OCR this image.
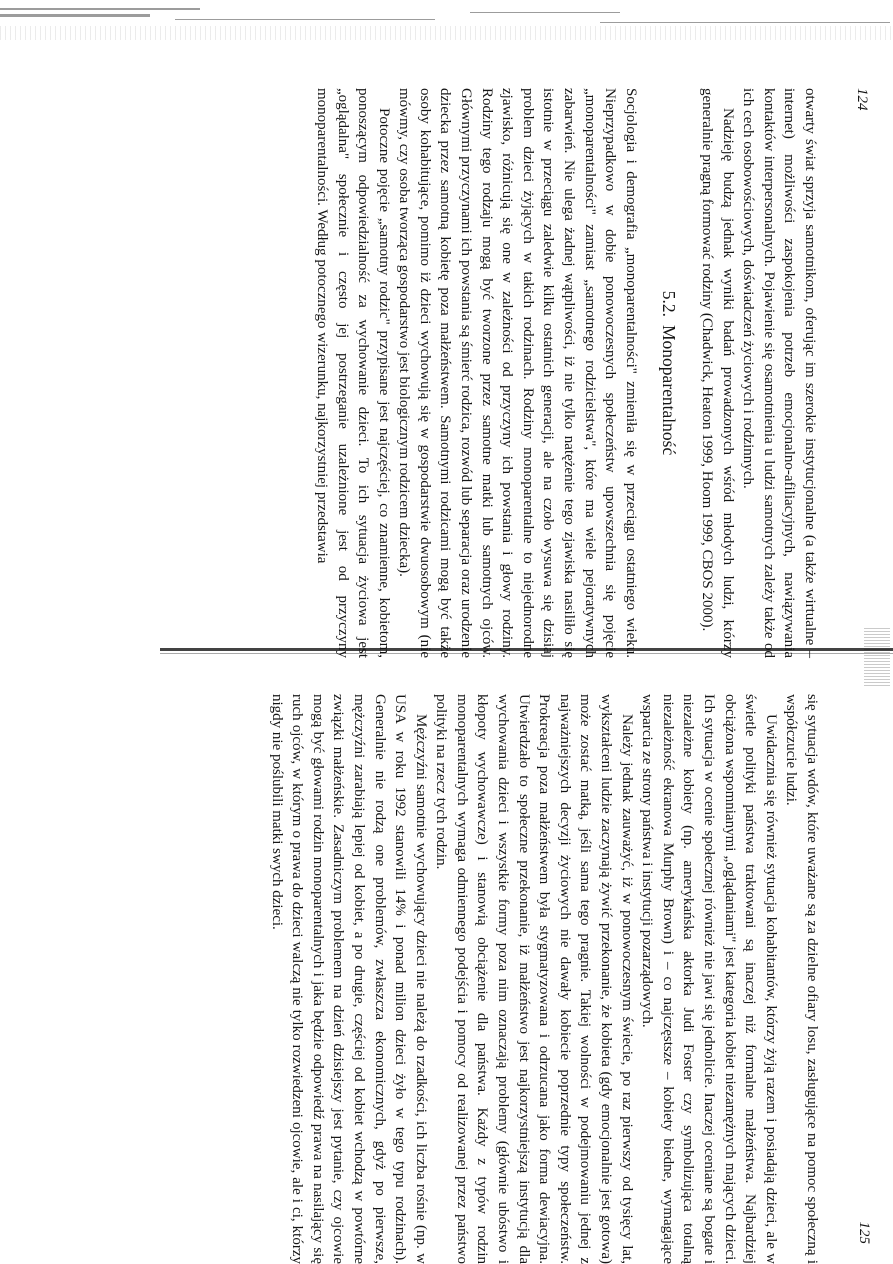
124

otwarty świat sprzyja samotnikom, oferując im szerokie instytucjonalne (a także wirtualne – internet) możliwości zaspokojenia potrzeb emocjonalno-afiliacyjnych, nawiązywania kontaktów interpersonalnych. Pojawienie się osamotnienia u ludzi samotnych zależy także od ich cech osobowościowych, doświadczeń życiowych i rodzinnych.

Nadzieję budzą jednak wyniki badań prowadzonych wśród młodych ludzi, którzy generalnie pragną formować rodziny (Chadwick, Heaton 1999, Hoom 1999, CBOS 2000).

5.2.Monoparentalność

Socjologia i demografia „monoparentalności" zmieniła się w przeciągu ostatniego wieku. Nieprzypadkowo w dobie ponowoczesnych społeczeństw upowszechnia się pojęcie „monoparentalności" zamiast „samotnego rodzicielstwa", które ma wiele pejoratywnych zabarwień. Nie ulega żadnej wątpliwości, iż nie tylko natężenie tego zjawiska nasiliło się istotnie w przeciągu zaledwie kilku ostatnich generacji, ale na czoło wysuwa się dzisiaj problem dzieci żyjących w takich rodzinach. Rodziny monoparentalne to niejednorodne zjawisko, różnicują się one w zależności od przyczyny ich powstania i głowy rodziny. Rodziny tego rodzaju mogą być tworzone przez samotne matki lub samotnych ojców. Głównymi przyczynami ich powstania są śmierć rodzica, rozwód lub separacja oraz urodzenie dziecka przez samotną kobietę poza małżeństwem. Samotnymi rodzicami mogą być także osoby kohabitujące, pomimo iż dzieci wychowują się w gospodarstwie dwuosobowym (nie mówmy, czy osoba tworząca gospodarstwo jest biologicznym rodzicem dziecka).

Potoczne pojęcie „samotny rodzic" przypisane jest najczęściej, co znamienne, kobietom, ponoszącym odpowiedzialność za wychowanie dzieci. To ich sytuacja życiowa jest „oglądalna" społecznie i często jej postrzeganie uzależnione jest od przyczyny monoparentalności. Według potocznego wizerunku, najkorzystniej przedstawia

125

się sytuacja wdów, które uważane są za dzielne ofiary losu, zasługujące na pomoc społeczną i współczucie ludzi.

Uwidacznia się również sytuacja kohabitantów, którzy żyją razem i posiadają dzieci, ale w świetle polityki państwa traktowani są inaczej niż formalne małżeństwa. Najbardziej obciążona wspomnianymi „oglądaniami" jest kategoria kobiet niezamężnych mających dzieci. Ich sytuacja w ocenie społecznej również nie jawi się jednolicie. Inaczej oceniane są bogate i niezależne kobiety (np. amerykańska aktorka Judi Foster czy symbolizująca totalną niezależność ekranowa Murphy Brown) i – co najczęstsze – kobiety biedne, wymagające wsparcia ze strony państwa i instytucji pozarządowych.

Należy jednak zauważyć, iż w ponowoczesnym świecie, po raz pierwszy od tysięcy lat, wykształceni ludzie zaczynają żywić przekonanie, że kobieta (gdy emocjonalnie jest gotowa) może zostać matką, jeśli sama tego pragnie. Takiej wolności w podejmowaniu jednej z najważniejszych decyzji życiowych nie dawały kobiecie poprzednie typy społeczeństw. Prokreacja poza małżeństwem była stygmatyzowana i odrzucana jako forma dewiacyjna. Utwierdzało to społeczne przekonanie, iż małżeństwo jest najkorzystniejszą instytucją dla wychowania dzieci i wszystkie formy poza nim oznaczają problemy (głównie ubóstwo i kłopoty wychowawcze) i stanowią obciążenie dla państwa. Każdy z typów rodzin monoparentalnych wymaga odmiennego podejścia i pomocy od realizowanej przez państwo polityki na rzecz tych rodzin.

Mężczyźni samotnie wychowujący dzieci nie należą do rzadkości, ich liczba rośnie (np. w USA w roku 1992 stanowili 14% i ponad milion dzieci żyło w tego typu rodzinach). Generalnie nie rodzą one problemów, zwłaszcza ekonomicznych, gdyż po pierwsze, mężczyźni zarabiają lepiej od kobiet, a po drugie, częściej od kobiet wchodzą w powtórne związki małżeńskie. Zasadniczym problemem na dzień dzisiejszy jest pytanie, czy ojcowie mogą być głowami rodzin monoparentalnych i jaka będzie odpowiedź prawa na nasilający się ruch ojców, w którym o prawa do dzieci walczą nie tylko rozwiedzeni ojcowie, ale i ci, którzy nigdy nie poślubili matki swych dzieci.
